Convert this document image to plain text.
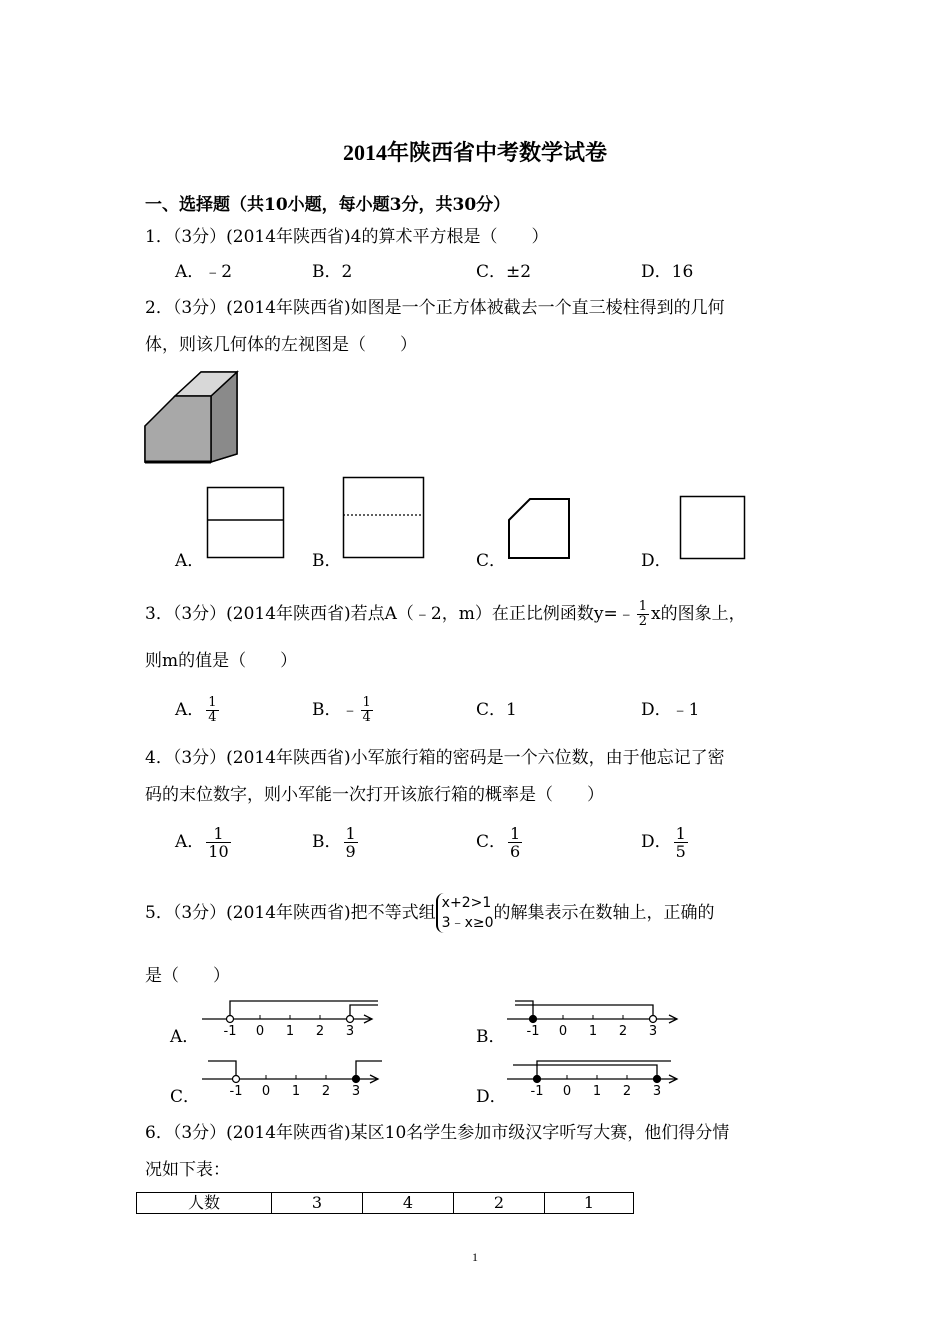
2014年陕西省中考数学试卷
一、选择题（共10小题，每小题3分，共30分）
1．（3分）(2014年陕西省)4的算术平方根是（　　）
A．﹣2	B．2	C．±2	D．16
2．（3分）(2014年陕西省)如图是一个正方体被截去一个直三棱柱得到的几何
体，则该几何体的左视图是（　　）
A．	B．	C．	D．
3．（3分）(2014年陕西省)若点A（﹣2，m）在正比例函数y=﹣ $\frac{1}{2}$ x的图象上，
则m的值是（　　）
A． $\frac{1}{4}$	B．﹣ $\frac{1}{4}$	C．1	D．﹣1
4．（3分）(2014年陕西省)小军旅行箱的密码是一个六位数，由于他忘记了密
码的末位数字，则小军能一次打开该旅行箱的概率是（　　）
A． $\frac{1}{10}$	B． $\frac{1}{9}$	C． $\frac{1}{6}$	D． $\frac{1}{5}$
5．（3分）(2014年陕西省)把不等式组 x+2>1
3﹣x≥0 的解集表示在数轴上，正确的
是（　　）
A．	B．
C．	D．
-1 0 1 2 3	-1 0 1 2 3
-1 0 1 2 3	-1 0 1 2 3
6．（3分）(2014年陕西省)某区10名学生参加市级汉字听写大赛，他们得分情
况如下表：
人数	3	4	2	1
1
